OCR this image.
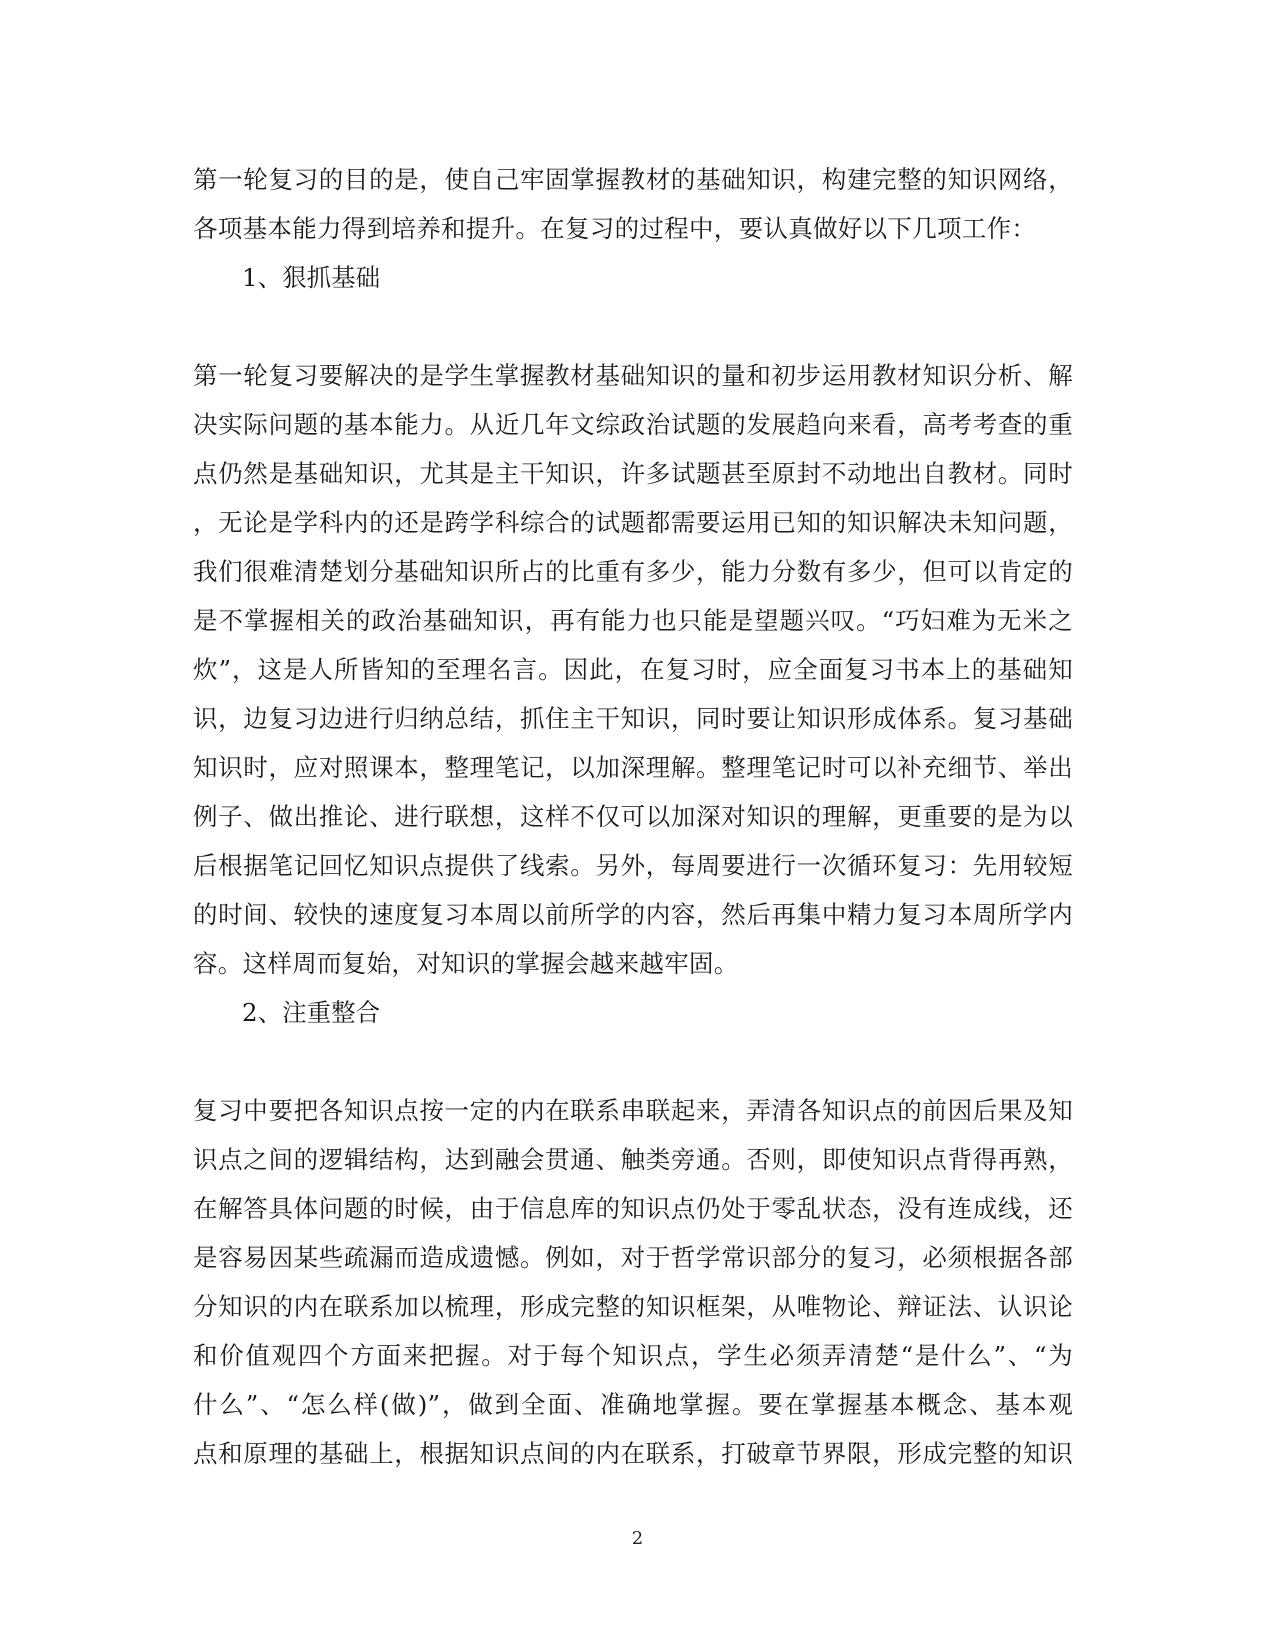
第一轮复习的目的是，使自己牢固掌握教材的基础知识，构建完整的知识网络，
各项基本能力得到培养和提升。在复习的过程中，要认真做好以下几项工作：
1、狠抓基础
第一轮复习要解决的是学生掌握教材基础知识的量和初步运用教材知识分析、解
决实际问题的基本能力。从近几年文综政治试题的发展趋向来看，高考考查的重
点仍然是基础知识，尤其是主干知识，许多试题甚至原封不动地出自教材。同时
，无论是学科内的还是跨学科综合的试题都需要运用已知的知识解决未知问题，
我们很难清楚划分基础知识所占的比重有多少，能力分数有多少，但可以肯定的
是不掌握相关的政治基础知识，再有能力也只能是望题兴叹。“巧妇难为无米之
炊”，这是人所皆知的至理名言。因此，在复习时，应全面复习书本上的基础知
识，边复习边进行归纳总结，抓住主干知识，同时要让知识形成体系。复习基础
知识时，应对照课本，整理笔记，以加深理解。整理笔记时可以补充细节、举出
例子、做出推论、进行联想，这样不仅可以加深对知识的理解，更重要的是为以
后根据笔记回忆知识点提供了线索。另外，每周要进行一次循环复习：先用较短
的时间、较快的速度复习本周以前所学的内容，然后再集中精力复习本周所学内
容。这样周而复始，对知识的掌握会越来越牢固。
2、注重整合
复习中要把各知识点按一定的内在联系串联起来，弄清各知识点的前因后果及知
识点之间的逻辑结构，达到融会贯通、触类旁通。否则，即使知识点背得再熟，
在解答具体问题的时候，由于信息库的知识点仍处于零乱状态，没有连成线，还
是容易因某些疏漏而造成遗憾。例如，对于哲学常识部分的复习，必须根据各部
分知识的内在联系加以梳理，形成完整的知识框架，从唯物论、辩证法、认识论
和价值观四个方面来把握。对于每个知识点，学生必须弄清楚“是什么”、“为
什么”、“怎么样(做)”，做到全面、准确地掌握。要在掌握基本概念、基本观
点和原理的基础上，根据知识点间的内在联系，打破章节界限，形成完整的知识
2
